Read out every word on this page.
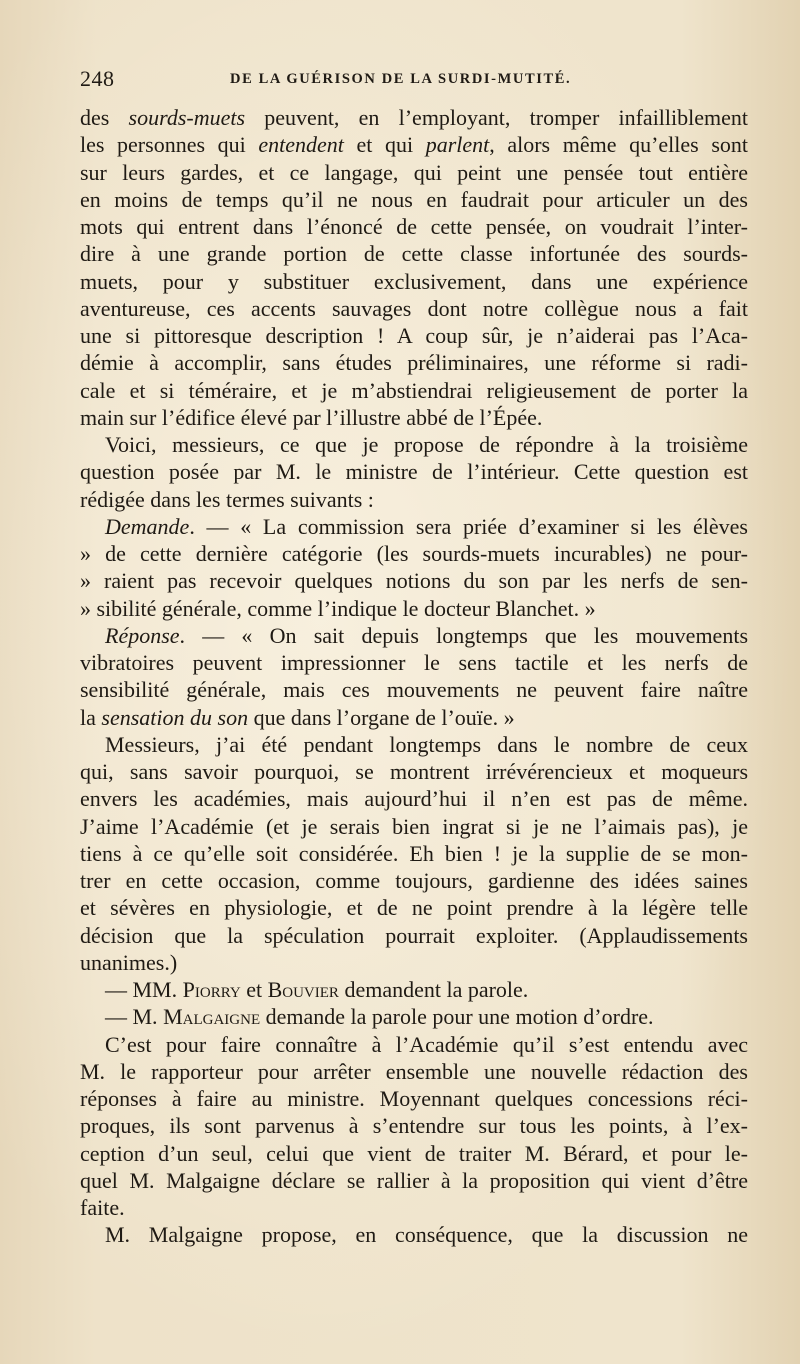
248	DE LA GUÉRISON DE LA SURDI-MUTITÉ.
des sourds-muets peuvent, en l’employant, tromper infailliblement
les personnes qui entendent et qui parlent, alors même qu’elles sont
sur leurs gardes, et ce langage, qui peint une pensée tout entière
en moins de temps qu’il ne nous en faudrait pour articuler un des
mots qui entrent dans l’énoncé de cette pensée, on voudrait l’inter-
dire à une grande portion de cette classe infortunée des sourds-
muets, pour y substituer exclusivement, dans une expérience
aventureuse, ces accents sauvages dont notre collègue nous a fait
une si pittoresque description ! A coup sûr, je n’aiderai pas l’Aca-
démie à accomplir, sans études préliminaires, une réforme si radi-
cale et si téméraire, et je m’abstiendrai religieusement de porter la
main sur l’édifice élevé par l’illustre abbé de l’Épée.
Voici, messieurs, ce que je propose de répondre à la troisième
question posée par M. le ministre de l’intérieur. Cette question est
rédigée dans les termes suivants :
Demande. — « La commission sera priée d’examiner si les élèves
» de cette dernière catégorie (les sourds-muets incurables) ne pour-
» raient pas recevoir quelques notions du son par les nerfs de sen-
» sibilité générale, comme l’indique le docteur Blanchet. »
Réponse. — « On sait depuis longtemps que les mouvements
vibratoires peuvent impressionner le sens tactile et les nerfs de
sensibilité générale, mais ces mouvements ne peuvent faire naître
la sensation du son que dans l’organe de l’ouïe. »
Messieurs, j’ai été pendant longtemps dans le nombre de ceux
qui, sans savoir pourquoi, se montrent irrévérencieux et moqueurs
envers les académies, mais aujourd’hui il n’en est pas de même.
J’aime l’Académie (et je serais bien ingrat si je ne l’aimais pas), je
tiens à ce qu’elle soit considérée. Eh bien ! je la supplie de se mon-
trer en cette occasion, comme toujours, gardienne des idées saines
et sévères en physiologie, et de ne point prendre à la légère telle
décision que la spéculation pourrait exploiter. (Applaudissements
unanimes.)
— MM. Piorry et Bouvier demandent la parole.
— M. Malgaigne demande la parole pour une motion d’ordre.
C’est pour faire connaître à l’Académie qu’il s’est entendu avec
M. le rapporteur pour arrêter ensemble une nouvelle rédaction des
réponses à faire au ministre. Moyennant quelques concessions réci-
proques, ils sont parvenus à s’entendre sur tous les points, à l’ex-
ception d’un seul, celui que vient de traiter M. Bérard, et pour le-
quel M. Malgaigne déclare se rallier à la proposition qui vient d’être
faite.
M. Malgaigne propose, en conséquence, que la discussion ne
